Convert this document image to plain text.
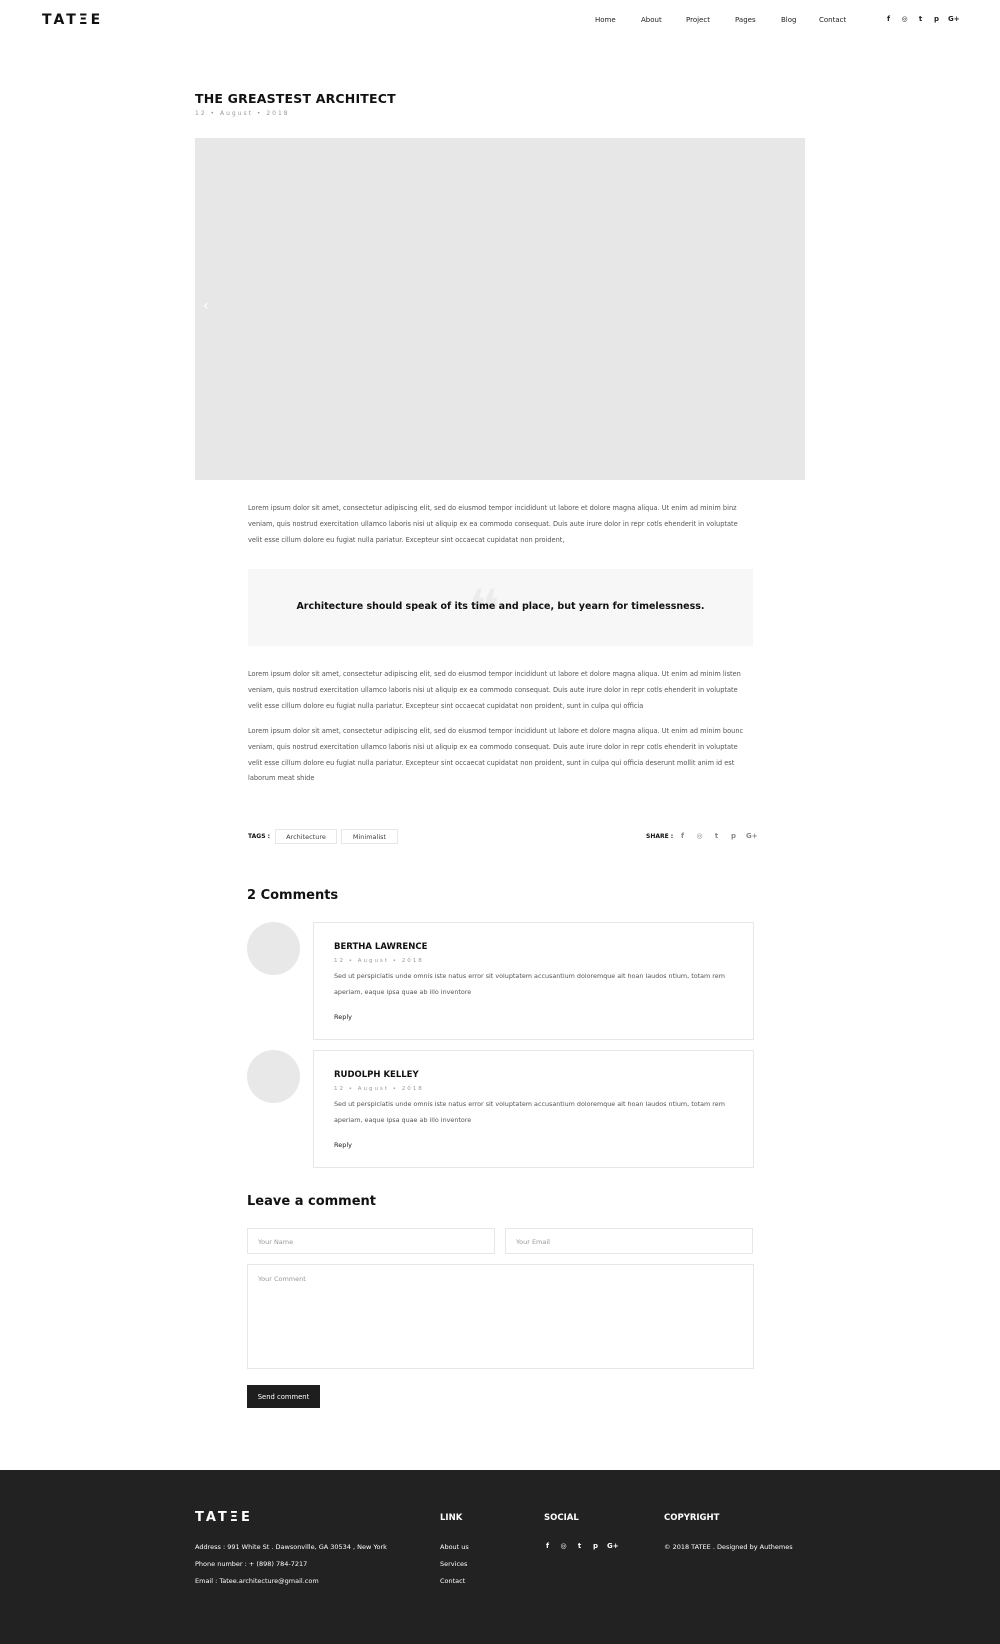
TATΞE	Home	About	Project	Pages	Blog	Contact	f	◎	t	p G+
THE GREASTEST ARCHITECT
12 • August • 2018
‹

Lorem ipsum dolor sit amet, consectetur adipiscing elit, sed do eiusmod tempor incididunt ut labore et dolore magna aliqua. Ut enim ad minim binz veniam, quis nostrud exercitation ullamco laboris nisi ut aliquip ex ea commodo consequat. Duis aute irure dolor in repr cotls ehenderit in voluptate velit esse cillum dolore eu fugiat nulla pariatur. Excepteur sint occaecat cupidatat non proident,

❝
Architecture should speak of its time and place, but yearn for timelessness.

Lorem ipsum dolor sit amet, consectetur adipiscing elit, sed do eiusmod tempor incididunt ut labore et dolore magna aliqua. Ut enim ad minim listen veniam, quis nostrud exercitation ullamco laboris nisi ut aliquip ex ea commodo consequat. Duis aute irure dolor in repr cotls ehenderit in voluptate velit esse cillum dolore eu fugiat nulla pariatur. Excepteur sint occaecat cupidatat non proident, sunt in culpa qui officia

Lorem ipsum dolor sit amet, consectetur adipiscing elit, sed do eiusmod tempor incididunt ut labore et dolore magna aliqua. Ut enim ad minim bounc veniam, quis nostrud exercitation ullamco laboris nisi ut aliquip ex ea commodo consequat. Duis aute irure dolor in repr cotls ehenderit in voluptate velit esse cillum dolore eu fugiat nulla pariatur. Excepteur sint occaecat cupidatat non proident, sunt in culpa qui officia deserunt mollit anim id est laborum meat shide

TAGS :	Architecture	Minimalist	SHARE :	f	◎	t	p G+
2 Comments
BERTHA LAWRENCE
12 • August • 2018
Sed ut perspiciatis unde omnis iste natus error sit voluptatem accusantium doloremque alt hoan laudos ntium, totam rem aperiam, eaque ipsa quae ab illo inventore
Reply
RUDOLPH KELLEY
12 • August • 2018
Sed ut perspiciatis unde omnis iste natus error sit voluptatem accusantium doloremque alt hoan laudos ntium, totam rem aperiam, eaque ipsa quae ab illo inventore
Reply
Leave a comment
Your Name	Your Email
Your Comment
Send comment
TATΞE
Address : 991 White St . Dawsonville, GA 30534 , New York
Phone number : + (898) 784-7217
Email : Tatee.architecture@gmail.com
LINK
About us
Services
Contact
SOCIAL
f	◎	t	p G+
COPYRIGHT
© 2018 TATEE . Designed by Authemes
